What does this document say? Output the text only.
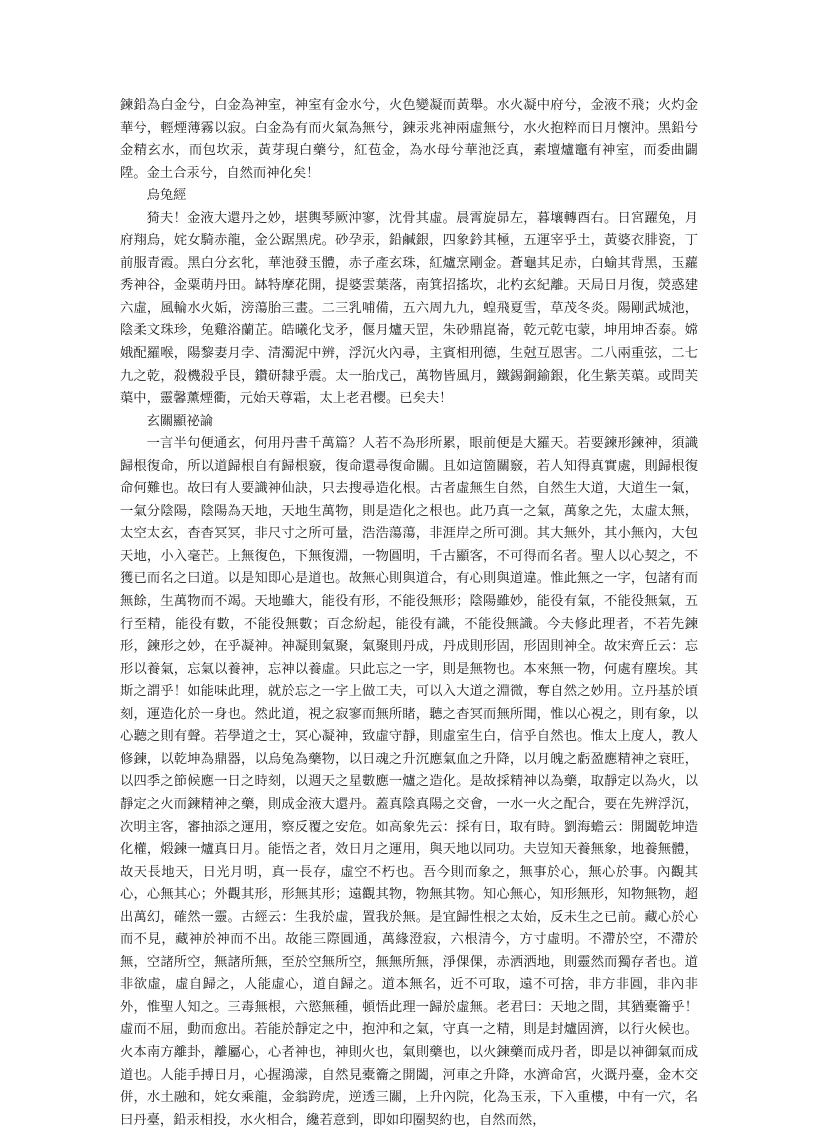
鍊鉛為白金兮，白金為神室，神室有金水兮，火色變凝而黃舉。水火凝中府兮，金液不飛；火灼金華兮，輕煙薄霧以寂。白金為有而火氣為無兮，鍊汞兆神兩虛無兮，水火抱粹而日月懷沖。黑鉛兮金精玄水，而包坎汞，黃芽現白藥兮，紅苞金，為水母兮華池泛真，素壇爐竈有神室，而委曲闢陞。金土合汞兮，自然而神化矣！

烏兔經

猗夫！金液大還丹之妙，堪輿琴厥沖寥，沈骨其虛。晨霄旋昴左，暮壤轉酉右。日宮躍兔，月府翔烏，姹女騎赤龍，金公踞黑虎。砂孕汞，鉛鹹銀，四象鈐其極，五運宰乎土，黃婆衣腓瓷，丁前服青霞。黑白分玄牝，華池發玉體，赤子產玄珠，紅爐烹剛金。蒼龜其足赤，白蝓其背黑，玉蘿秀神谷，金粟萌丹田。缽特摩花開，提婆雲葉落，南箕招搖坎，北杓玄紀離。天局日月復，熒惑建六虛，風輪水火姤，滂蕩胎三畫。二三乳哺備，五六周九九，蝗飛夏雪，草茂冬炎。陽剛武城池，陰柔文珠珍，兔雞浴蘭芷。皓曦化戈矛，偃月爐天罡，朱砂鼎崑崙，乾元乾屯蒙，坤用坤否泰。嫦娥配羅喉，陽黎妻月孛、清濁泥中辨，浮沉火內尋，主賓相刑德，生尅互恩害。二八兩重弦，二七九之乾，殺機殺乎艮，鑽研隸乎震。太一胎戊己，萬物皆風月，鐵錫銅鍮銀，化生紫芙蕖。或問芙蕖中，靈馨薰煙衢，元始天尊霜，太上老君櫻。已矣夫！

玄關顯祕論

一言半句便通玄，何用丹書千萬篇？人若不為形所累，眼前便是大羅天。若要鍊形鍊神，須識歸根復命，所以道歸根自有歸根竅，復命還尋復命關。且如這箇關竅，若人知得真實處，則歸根復命何難也。故曰有人要識神仙訣，只去搜尋造化根。古者虛無生自然，自然生大道，大道生一氣，一氣分陰陽，陰陽為天地，天地生萬物，則是造化之根也。此乃真一之氣，萬象之先，太虛太無，太空太玄，杳杳冥冥，非尺寸之所可量，浩浩蕩蕩，非涯岸之所可測。其大無外，其小無內，大包天地，小入毫芒。上無復色，下無復淵，一物圓明，千古顯客，不可得而名者。聖人以心契之，不獲已而名之曰道。以是知即心是道也。故無心則與道合，有心則與道違。惟此無之一字，包諸有而無餘，生萬物而不竭。天地雖大，能役有形，不能役無形；陰陽雖妙，能役有氣，不能役無氣，五行至精，能役有數，不能役無數；百念紛起，能役有識，不能役無識。今夫修此理者，不若先鍊形，鍊形之妙，在乎凝神。神凝則氣聚，氣聚則丹成，丹成則形固，形固則神全。故宋齊丘云：忘形以養氣，忘氣以養神，忘神以養虛。只此忘之一字，則是無物也。本來無一物，何處有塵埃。其斯之謂乎！如能味此理，就於忘之一字上做工夫，可以入大道之淵微，奪自然之妙用。立丹基於頃刻，運造化於一身也。然此道，視之寂寥而無所睹，聽之杳冥而無所聞，惟以心視之，則有象，以心聽之則有聲。若學道之士，冥心凝神，致虛守靜，則虛室生白，信乎自然也。惟太上度人，教人修鍊，以乾坤為鼎器，以烏兔為藥物，以日魂之升沉應氣血之升降，以月魄之虧盈應精神之衰旺，以四季之節候應一日之時刻，以週天之星數應一爐之造化。是故採精神以為藥，取靜定以為火，以靜定之火而鍊精神之藥，則成金液大還丹。蓋真陰真陽之交會，一水一火之配合，要在先辨浮沉，次明主客，審抽添之運用，察反覆之安危。如高象先云：採有日，取有時。劉海蟾云：開闔乾坤造化權，煅鍊一爐真日月。能悟之者，效日月之運用，與天地以同功。夫豈知天養無象，地養無體，故天長地天，日光月明，真一長存，虛空不朽也。吾今則而象之，無事於心，無心於事。內觀其心，心無其心；外觀其形，形無其形；遠觀其物，物無其物。知心無心，知形無形，知物無物，超出萬幻，確然一靈。古經云：生我於虛，置我於無。是宜歸性根之太始，反未生之已前。藏心於心而不見，藏神於神而不出。故能三際圓通，萬緣澄寂，六根清今，方寸虛明。不滯於空，不滯於無，空諸所空，無諸所無，至於空無所空，無無所無，淨倮倮，赤洒洒地，則靈然而獨存者也。道非欲虛，虛自歸之，人能虛心，道自歸之。道本無名，近不可取，遠不可捨，非方非圓，非內非外，惟聖人知之。三毒無根，六慾無種，頓悟此理一歸於虛無。老君曰：天地之間，其猶橐籥乎！虛而不屈，動而愈出。若能於靜定之中，抱沖和之氣，守真一之精，則是封爐固濟，以行火候也。火本南方離卦，離屬心，心者神也，神則火也，氣則藥也，以火鍊藥而成丹者，即是以神御氣而成道也。人能手搏日月，心握鴻濛，自然見橐籥之開闔，河車之升降，水濟命宮，火溉丹臺，金木交併，水土融和，姹女乘龍，金翁跨虎，逆透三關，上升內院，化為玉汞，下入重樓，中有一穴，名曰丹臺，鉛汞相投，水火相合，纔若意到，即如印圈契約也，自然而然，
